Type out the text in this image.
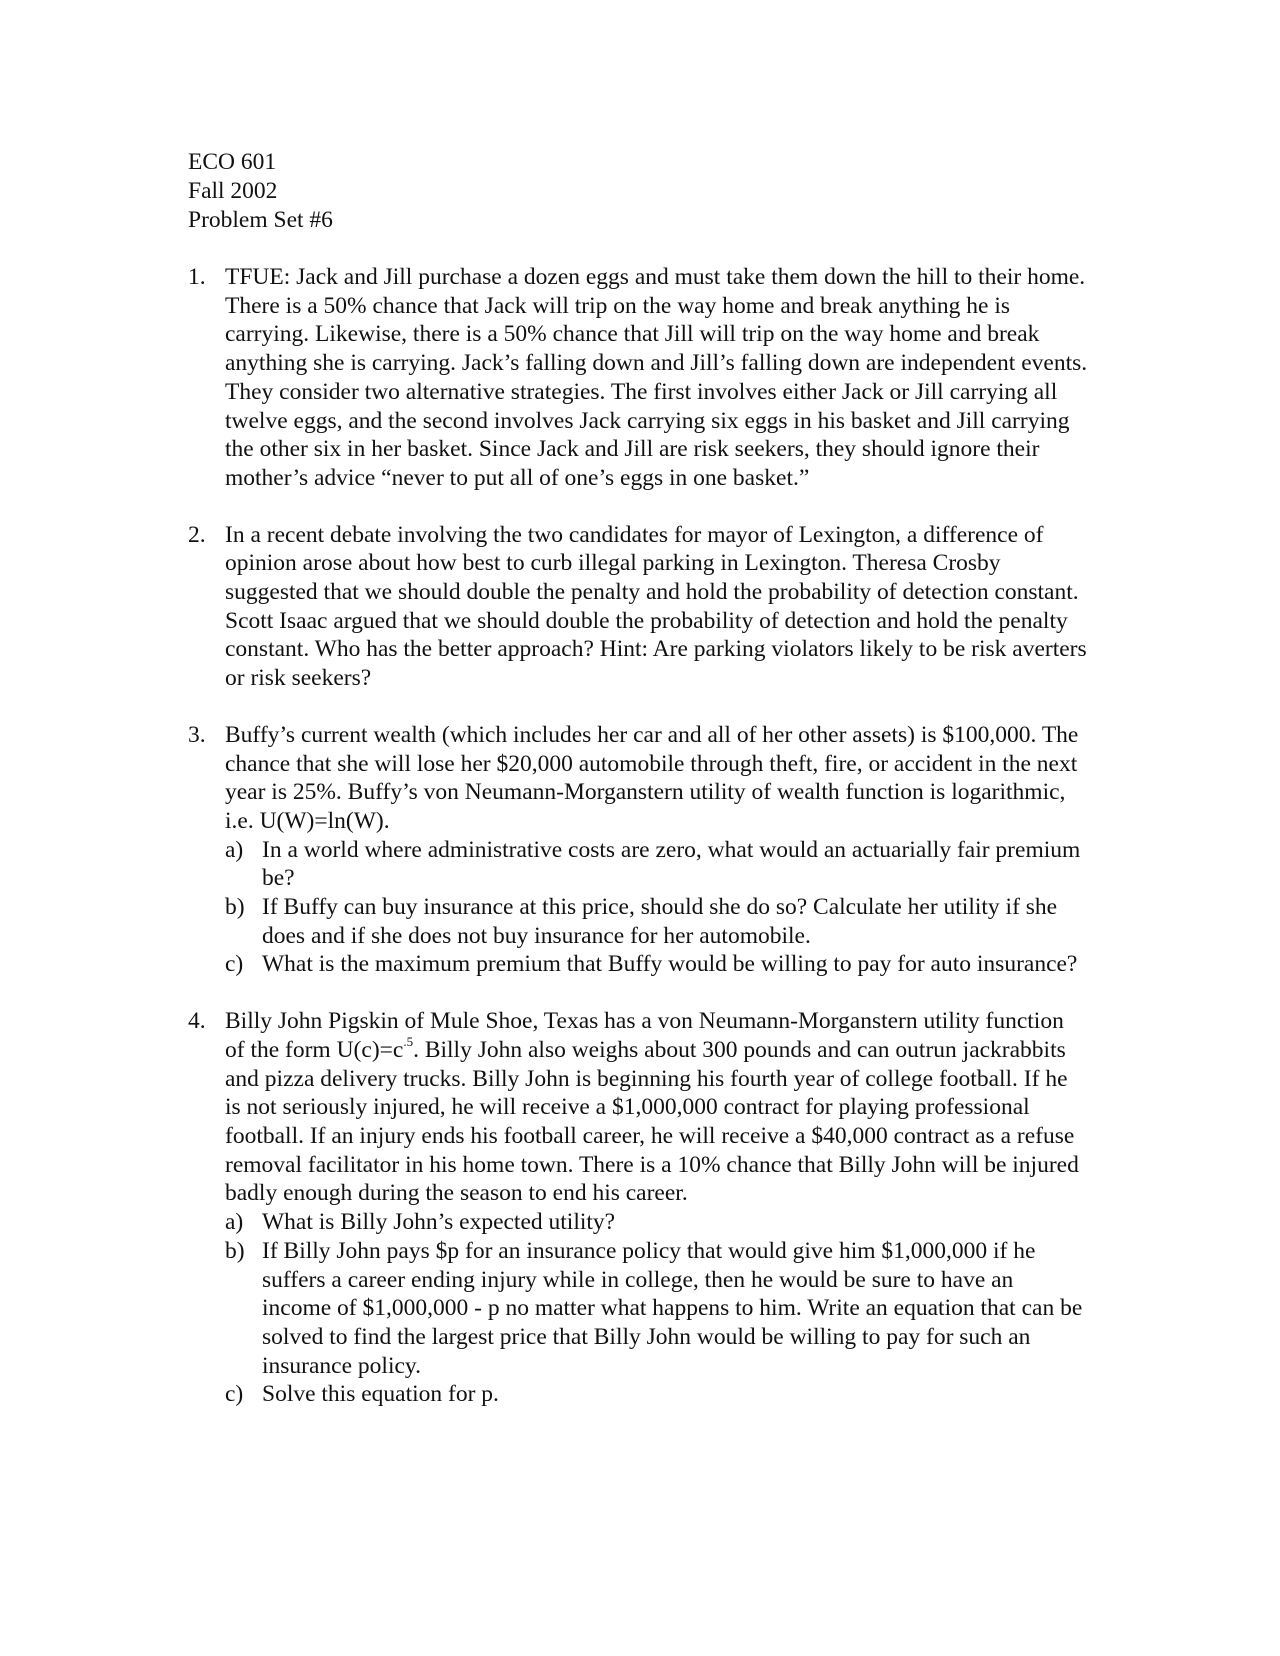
ECO 601
Fall 2002
Problem Set #6
1. TFUE: Jack and Jill purchase a dozen eggs and must take them down the hill to their home. There is a 50% chance that Jack will trip on the way home and break anything he is carrying. Likewise, there is a 50% chance that Jill will trip on the way home and break anything she is carrying. Jack’s falling down and Jill’s falling down are independent events. They consider two alternative strategies. The first involves either Jack or Jill carrying all twelve eggs, and the second involves Jack carrying six eggs in his basket and Jill carrying the other six in her basket. Since Jack and Jill are risk seekers, they should ignore their mother’s advice “never to put all of one’s eggs in one basket.”
2. In a recent debate involving the two candidates for mayor of Lexington, a difference of opinion arose about how best to curb illegal parking in Lexington. Theresa Crosby suggested that we should double the penalty and hold the probability of detection constant. Scott Isaac argued that we should double the probability of detection and hold the penalty constant. Who has the better approach? Hint: Are parking violators likely to be risk averters or risk seekers?
3. Buffy’s current wealth (which includes her car and all of her other assets) is $100,000. The chance that she will lose her $20,000 automobile through theft, fire, or accident in the next year is 25%. Buffy’s von Neumann-Morganstern utility of wealth function is logarithmic, i.e. U(W)=ln(W).
a) In a world where administrative costs are zero, what would an actuarially fair premium be?
b) If Buffy can buy insurance at this price, should she do so? Calculate her utility if she does and if she does not buy insurance for her automobile.
c) What is the maximum premium that Buffy would be willing to pay for auto insurance?
4. Billy John Pigskin of Mule Shoe, Texas has a von Neumann-Morganstern utility function of the form $U(c)=c^{.5}$. Billy John also weighs about 300 pounds and can outrun jackrabbits and pizza delivery trucks. Billy John is beginning his fourth year of college football. If he is not seriously injured, he will receive a $1,000,000 contract for playing professional football. If an injury ends his football career, he will receive a $40,000 contract as a refuse removal facilitator in his home town. There is a 10% chance that Billy John will be injured badly enough during the season to end his career.
a) What is Billy John’s expected utility?
b) If Billy John pays $p for an insurance policy that would give him $1,000,000 if he suffers a career ending injury while in college, then he would be sure to have an income of $1,000,000 - p no matter what happens to him. Write an equation that can be solved to find the largest price that Billy John would be willing to pay for such an insurance policy.
c) Solve this equation for p.
